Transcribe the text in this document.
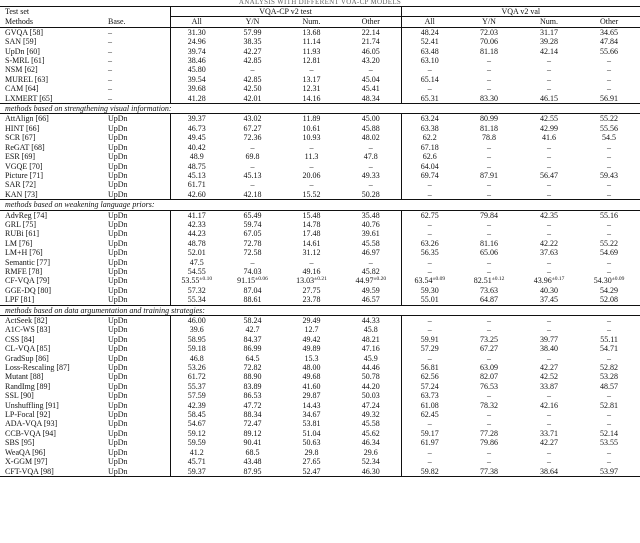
ANALYSIS WITH DIFFERENT VQA-CP MODELS
Test set		VQA-CP v2 test				VQA v2 val			
Methods	Base.	All	Y/N	Num.	Other	All	Y/N	Num.	Other
GVQA [58]	–	31.30	57.99	13.68	22.14	48.24	72.03	31.17	34.65
SAN [59]	–	24.96	38.35	11.14	21.74	52.41	70.06	39.28	47.84
UpDn [60]	–	39.74	42.27	11.93	46.05	63.48	81.18	42.14	55.66
S-MRL [61]	–	38.46	42.85	12.81	43.20	63.10	–	–	–
NSM [62]	–	45.80	–	–	–	–	–	–	–
MUREL [63]	–	39.54	42.85	13.17	45.04	65.14	–	–	–
CAM [64]	–	39.68	42.50	12.31	45.41	–	–	–	–
LXMERT [65]	–	41.28	42.01	14.16	48.34	65.31	83.30	46.15	56.91
methods based on strengthening visual information:									
AttAlign [66]	UpDn	39.37	43.02	11.89	45.00	63.24	80.99	42.55	55.22
HINT [66]	UpDn	46.73	67.27	10.61	45.88	63.38	81.18	42.99	55.56
SCR [67]	UpDn	49.45	72.36	10.93	48.02	62.2	78.8	41.6	54.5
ReGAT [68]	UpDn	40.42	–	–	–	67.18	–	–	–
ESR [69]	UpDn	48.9	69.8	11.3	47.8	62.6	–	–	–
VGQE [70]	UpDn	48.75	–	–	–	64.04	–	–	–
Picture [71]	UpDn	45.13	45.13	20.06	49.33	69.74	87.91	56.47	59.43
SAR [72]	UpDn	61.71	–	–	–	–	–	–	–
KAN [73]	UpDn	42.60	42.18	15.52	50.28	–	–	–	–
methods based on weakening language priors:									
AdvReg [74]	UpDn	41.17	65.49	15.48	35.48	62.75	79.84	42.35	55.16
GRL [75]	UpDn	42.33	59.74	14.78	40.76	–	–	–	–
RUBi [61]	UpDn	44.23	67.05	17.48	39.61	–	–	–	–
LM [76]	UpDn	48.78	72.78	14.61	45.58	63.26	81.16	42.22	55.22
LM+H [76]	UpDn	52.01	72.58	31.12	46.97	56.35	65.06	37.63	54.69
Semantic [77]	UpDn	47.5	–	–	–	–	–	–	–
RMFE [78]	UpDn	54.55	74.03	49.16	45.82	–	–	–	–
CF-VQA [79]	UpDn	$53.55^{\pm 0.10}$	$91.15^{\pm 0.06}$	$13.03^{\pm 0.21}$	$44.97^{\pm 0.20}$	$63.54^{\pm 0.09}$	$82.51^{\pm 0.12}$	$43.96^{\pm 0.17}$	$54.30^{\pm 0.09}$
GGE-DQ [80]	UpDn	57.32	87.04	27.75	49.59	59.30	73.63	40.30	54.29
LPF [81]	UpDn	55.34	88.61	23.78	46.57	55.01	64.87	37.45	52.08
methods based on data argumentation and training strategies:									
ActSeek [82]	UpDn	46.00	58.24	29.49	44.33	–	–	–	–
A1C-WS [83]	UpDn	39.6	42.7	12.7	45.8	–	–	–	–
CSS [84]	UpDn	58.95	84.37	49.42	48.21	59.91	73.25	39.77	55.11
CL-VQA [85]	UpDn	59.18	86.99	49.89	47.16	57.29	67.27	38.40	54.71
GradSup [86]	UpDn	46.8	64.5	15.3	45.9	–	–	–	–
Loss-Rescaling [87]	UpDn	53.26	72.82	48.00	44.46	56.81	63.09	42.27	52.82
Mutant [88]	UpDn	61.72	88.90	49.68	50.78	62.56	82.07	42.52	53.28
RandImg [89]	UpDn	55.37	83.89	41.60	44.20	57.24	76.53	33.87	48.57
SSL [90]	UpDn	57.59	86.53	29.87	50.03	63.73	–	–	–
Unshuffling [91]	UpDn	42.39	47.72	14.43	47.24	61.08	78.32	42.16	52.81
LP-Focal [92]	UpDn	58.45	88.34	34.67	49.32	62.45	–	–	–
ADA-VQA [93]	UpDn	54.67	72.47	53.81	45.58	–	–	–	–
CCB-VQA [94]	UpDn	59.12	89.12	51.04	45.62	59.17	77.28	33.71	52.14
SBS [95]	UpDn	59.59	90.41	50.63	46.34	61.97	79.86	42.27	53.55
WeaQA [96]	UpDn	41.2	68.5	29.8	29.6	–	–	–	–
X-GGM [97]	UpDn	45.71	43.48	27.65	52.34	–	–	–	–
CFT-VQA [98]	UpDn	59.37	87.95	52.47	46.30	59.82	77.38	38.64	53.97
